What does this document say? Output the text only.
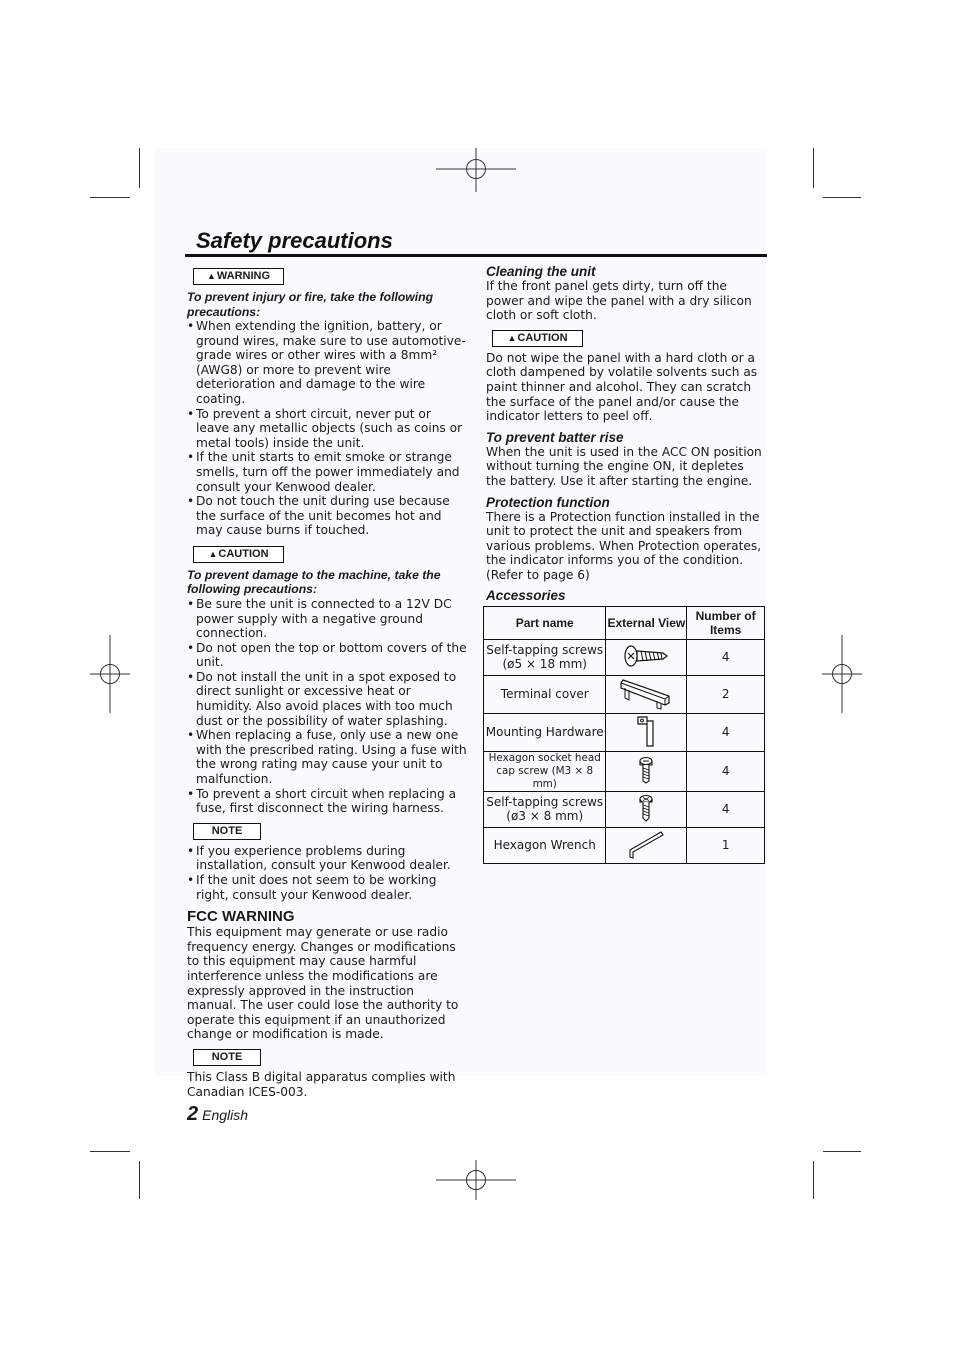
Safety precautions
▲WARNING

To prevent injury or fire, take the following precautions:

• When extending the ignition, battery, or ground wires, make sure to use automotive-grade wires or other wires with a 8mm² (AWG8) or more to prevent wire deterioration and damage to the wire coating.
• To prevent a short circuit, never put or leave any metallic objects (such as coins or metal tools) inside the unit.
• If the unit starts to emit smoke or strange smells, turn off the power immediately and consult your Kenwood dealer.
• Do not touch the unit during use because the surface of the unit becomes hot and may cause burns if touched.
▲CAUTION

To prevent damage to the machine, take the following precautions:

• Be sure the unit is connected to a 12V DC power supply with a negative ground connection.
• Do not open the top or bottom covers of the unit.
• Do not install the unit in a spot exposed to direct sunlight or excessive heat or humidity. Also avoid places with too much dust or the possibility of water splashing.
• When replacing a fuse, only use a new one with the prescribed rating. Using a fuse with the wrong rating may cause your unit to malfunction.
• To prevent a short circuit when replacing a fuse, first disconnect the wiring harness.
NOTE
• If you experience problems during installation, consult your Kenwood dealer.
• If the unit does not seem to be working right, consult your Kenwood dealer.
FCC WARNING

This equipment may generate or use radio frequency energy. Changes or modifications to this equipment may cause harmful interference unless the modifications are expressly approved in the instruction manual. The user could lose the authority to operate this equipment if an unauthorized change or modification is made.

NOTE

This Class B digital apparatus complies with Canadian ICES-003.

Cleaning the unit

If the front panel gets dirty, turn off the power and wipe the panel with a dry silicon cloth or soft cloth.

▲CAUTION

Do not wipe the panel with a hard cloth or a cloth dampened by volatile solvents such as paint thinner and alcohol. They can scratch the surface of the panel and/or cause the indicator letters to peel off.

To prevent batter rise

When the unit is used in the ACC ON position without turning the engine ON, it depletes the battery. Use it after starting the engine.

Protection function

There is a Protection function installed in the unit to protect the unit and speakers from various problems. When Protection operates, the indicator informs you of the condition. (Refer to page 6)

Accessories
Part name	External View	Number of Items
Self-tapping screws (ø5 × 18 mm)		4
Terminal cover		2
Mounting Hardware		4
Hexagon socket head cap screw (M3 × 8 mm)		4
Self-tapping screws (ø3 × 8 mm)		4
Hexagon Wrench		1
2 English
